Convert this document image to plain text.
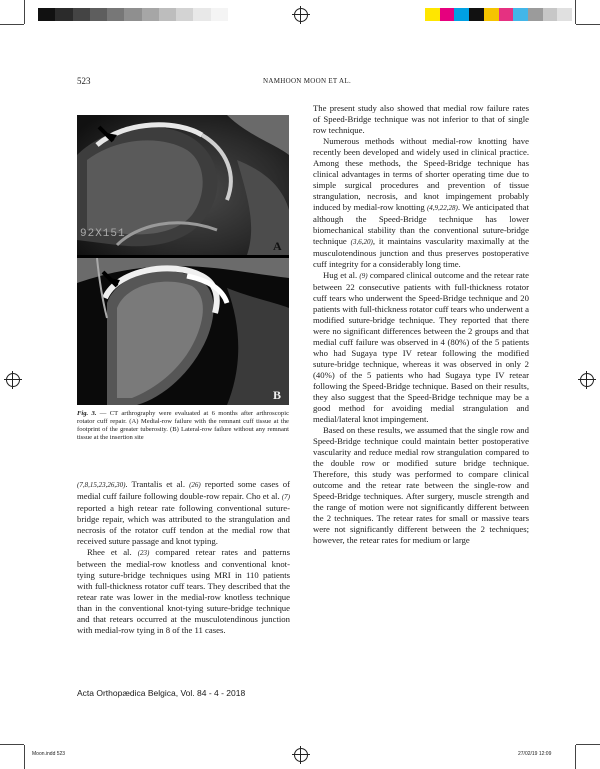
523	NAMHOON MOON ET AL.
92X151
A
B
Fig. 3. — CT arthrography were evaluated at 6 months after arthroscopic rotator cuff repair. (A) Medial-row failure with the remnant cuff tissue at the footprint of the greater tuberosity. (B) Lateral-row failure without any remnant tissue at the insertion site

(7,8,15,23,26,30). Trantalis et al. (26) reported some cases of medial cuff failure following double-row repair. Cho et al. (7) reported a high retear rate following conventional suture-bridge repair, which was attributed to the strangulation and necrosis of the rotator cuff tendon at the medial row that received suture passage and knot typing.

Rhee et al. (23) compared retear rates and patterns between the medial-row knotless and conventional knot-tying suture-bridge techniques using MRI in 110 patients with full-thickness rotator cuff tears. They described that the retear rate was lower in the medial-row knotless technique than in the conventional knot-tying suture-bridge technique and that retears occurred at the musculotendinous junction with medial-row tying in 8 of the 11 cases.

The present study also showed that medial row failure rates of Speed-Bridge technique was not inferior to that of single row technique.

Numerous methods without medial-row knotting have recently been developed and widely used in clinical practice. Among these methods, the Speed-Bridge technique has clinical advantages in terms of shorter operating time due to simple surgical procedures and prevention of tissue strangulation, necrosis, and knot impingement probably induced by medial-row knotting (4,9,22,28). We anticipated that although the Speed-Bridge technique has lower biomechanical stability than the conventional suture-bridge technique (3,6,20), it maintains vascularity maximally at the musculotendinous junction and thus preserves postoperative cuff integrity for a considerably long time.

Hug et al. (9) compared clinical outcome and the retear rate between 22 consecutive patients with full-thickness rotator cuff tears who underwent the Speed-Bridge technique and 20 patients with full-thickness rotator cuff tears who underwent a modified suture-bridge technique. They reported that there were no significant differences between the 2 groups and that medial cuff failure was observed in 4 (80%) of the 5 patients who had Sugaya type IV retear following the modified suture-bridge technique, whereas it was observed in only 2 (40%) of the 5 patients who had Sugaya type IV retear following the Speed-Bridge technique. Based on their results, they also suggest that the Speed-Bridge technique may be a good method for avoiding medial strangulation and medial/lateral knot impingement.

Based on these results, we assumed that the single row and Speed-Bridge technique could maintain better postoperative vascularity and reduce medial row strangulation compared to the double row or modified suture bridge technique. Therefore, this study was performed to compare clinical outcome and the retear rate between the single-row and Speed-Bridge techniques. After surgery, muscle strength and the range of motion were not significantly different between the 2 techniques. The retear rates for small or massive tears were not significantly different between the 2 techniques; however, the retear rates for medium or large

Acta Orthopædica Belgica, Vol. 84 - 4 - 2018
Moon.indd 523	27/02/19 12:09
